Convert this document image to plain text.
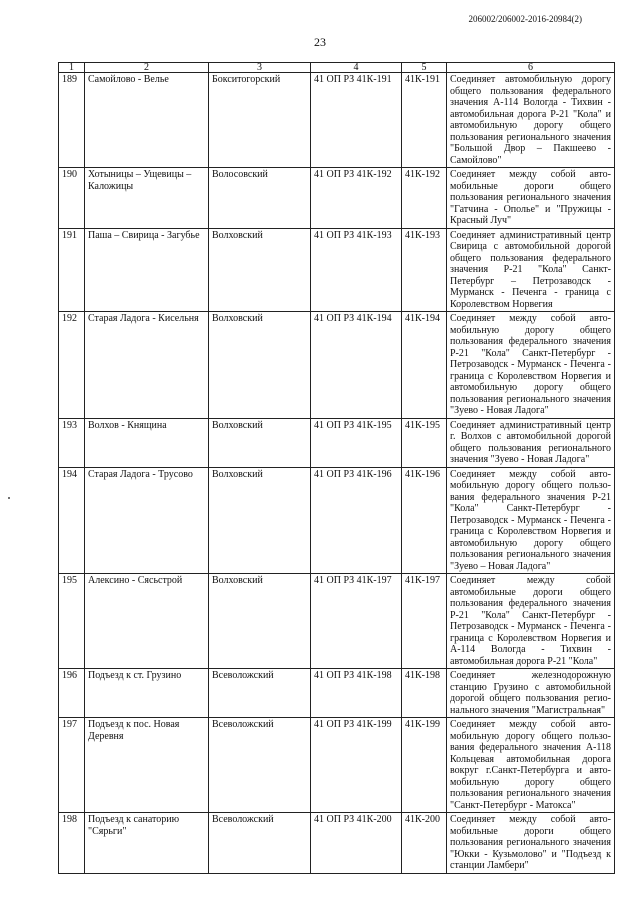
206002/206002-2016-20984(2)
23
1	2	3	4	5	6
189	Самойлово - Велье	Бокситогорский	41 ОП РЗ 41К-191	41К-191	Соединяет автомобильную дорогу общего пользования федерального значения А-114 Вологда - Тихвин - автомобильная дорога Р-21 "Кола" и автомобильную дорогу общего пользования регионального значения "Большой Двор – Пакшеево - Самойлово"
190	Хотыницы – Ущевицы – Каложицы	Волосовский	41 ОП РЗ 41К-192	41К-192	Соединяет между собой авто-мобильные дороги общего пользования регионального значения "Гатчина - Ополье" и "Пружицы - Красный Луч"
191	Паша – Свирица - Загубье	Волховский	41 ОП РЗ 41К-193	41К-193	Соединяет административный центр Свирица с автомобильной дорогой общего пользования федерального значения Р-21 "Кола" Санкт-Петербург – Петрозаводск - Мурманск - Печенга - граница с Королевством Норвегия
192	Старая Ладога - Кисельня	Волховский	41 ОП РЗ 41К-194	41К-194	Соединяет между собой авто-мобильную дорогу общего пользования федерального значения Р-21 "Кола" Санкт-Петербург - Петрозаводск - Мурманск - Печенга - граница с Королевством Норвегия и автомобильную дорогу общего пользования регионального значения "Зуево - Новая Ладога"
193	Волхов - Княщина	Волховский	41 ОП РЗ 41К-195	41К-195	Соединяет административный центр г. Волхов с автомобильной дорогой общего пользования регионального значения "Зуево - Новая Ладога"
194	Старая Ладога - Трусово	Волховский	41 ОП РЗ 41К-196	41К-196	Соединяет между собой авто-мобильную дорогу общего пользо-вания федерального значения Р-21 "Кола" Санкт-Петербург - Петрозаводск - Мурманск - Печенга - граница с Королевством Норвегия и автомобильную дорогу общего пользования регионального значения "Зуево – Новая Ладога"
195	Алексино - Сясьстрой	Волховский	41 ОП РЗ 41К-197	41К-197	Соединяет между собой автомобильные дороги общего пользования федерального значения Р-21 "Кола" Санкт-Петербург - Петрозаводск - Мурманск - Печенга - граница с Королевством Норвегия и А-114 Вологда - Тихвин - автомобильная дорога Р-21 "Кола"
196	Подъезд к ст. Грузино	Всеволожский	41 ОП РЗ 41К-198	41К-198	Соединяет железнодорожную станцию Грузино с автомобильной дорогой общего пользования регио-нального значения "Магистральная"
197	Подъезд к пос. Новая Деревня	Всеволожский	41 ОП РЗ 41К-199	41К-199	Соединяет между собой авто-мобильную дорогу общего пользо-вания федерального значения А-118 Кольцевая автомобильная дорога вокруг г.Санкт-Петербурга и авто-мобильную дорогу общего пользования регионального значения "Санкт-Петербург - Матокса"
198	Подъезд к санаторию "Сярьги"	Всеволожский	41 ОП РЗ 41К-200	41К-200	Соединяет между собой авто-мобильные дороги общего пользования регионального значения "Юкки - Кузьмолово" и "Подъезд к станции Ламбери"
